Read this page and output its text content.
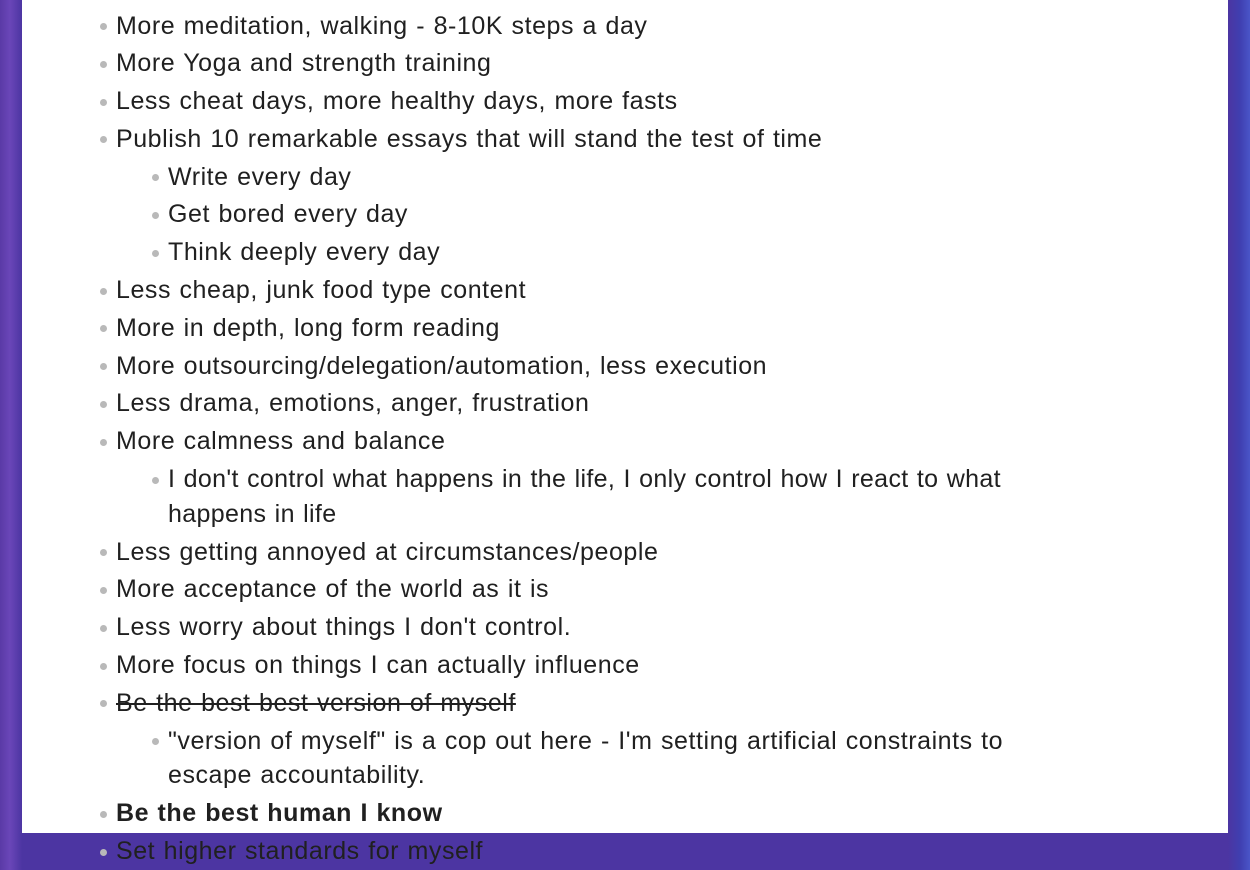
More meditation, walking - 8-10K steps a day
More Yoga and strength training
Less cheat days, more healthy days, more fasts
Publish 10 remarkable essays that will stand the test of time
Write every day
Get bored every day
Think deeply every day
Less cheap, junk food type content
More in depth, long form reading
More outsourcing/delegation/automation, less execution
Less drama, emotions, anger, frustration
More calmness and balance
I don't control what happens in the life, I only control how I react to what happens in life
Less getting annoyed at circumstances/people
More acceptance of the world as it is
Less worry about things I don't control.
More focus on things I can actually influence
Be the best best version of myself
"version of myself" is a cop out here - I'm setting artificial constraints to escape accountability.
Be the best human I know
Set higher standards for myself
